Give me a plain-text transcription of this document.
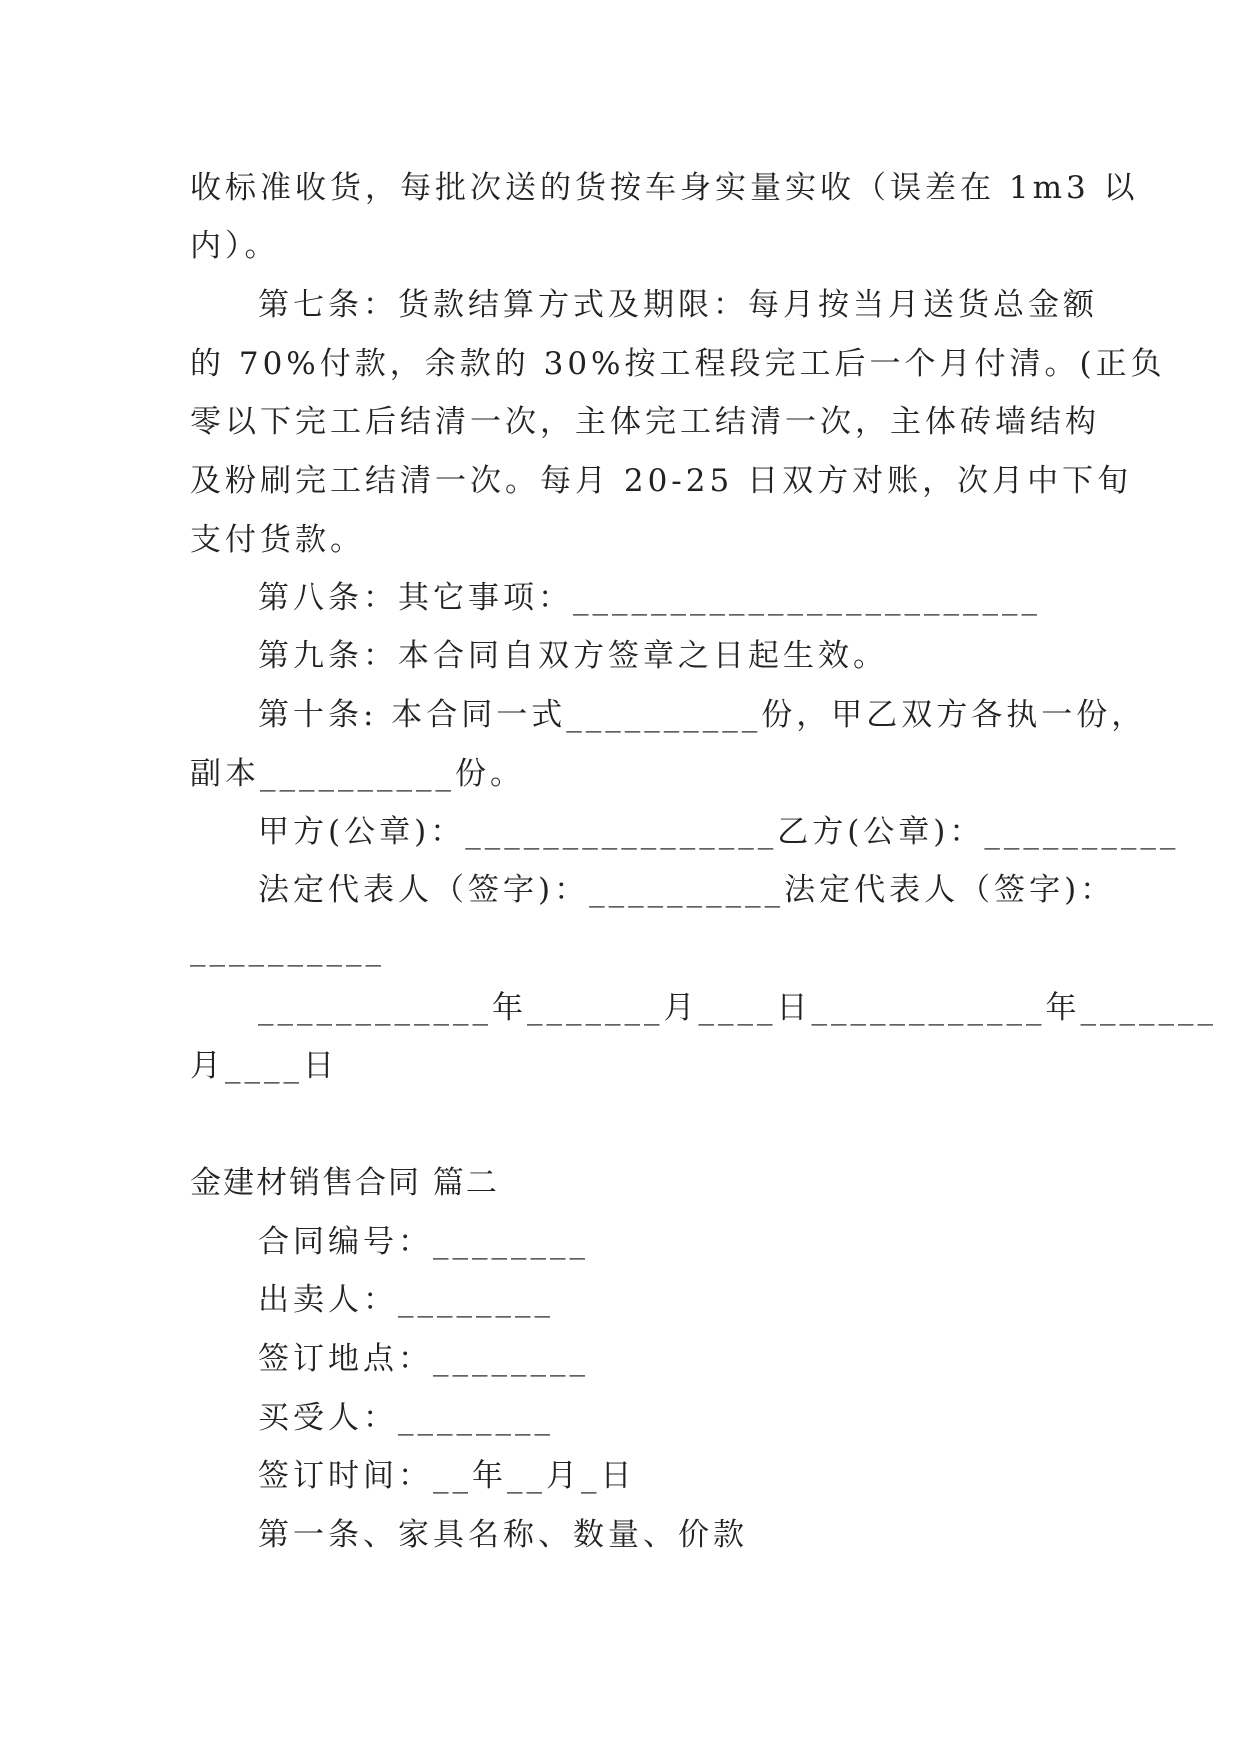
收标准收货，每批次送的货按车身实量实收（误差在 1m3 以
内）。
第七条：货款结算方式及期限：每月按当月送货总金额
的 70%付款，余款的 30%按工程段完工后一个月付清。(正负
零以下完工后结清一次，主体完工结清一次，主体砖墙结构
及粉刷完工结清一次。每月 20-25 日双方对账，次月中下旬
支付货款。
第八条：其它事项：________________________
第九条：本合同自双方签章之日起生效。
第十条: 本合同一式__________份，甲乙双方各执一份，
副本__________份。
甲方(公章)：________________乙方(公章)：__________
法定代表人（签字)：__________法定代表人（签字)：
__________
____________年_______月____日____________年_______
月____日
金建材销售合同 篇二
合同编号：________
出卖人：________
签订地点：________
买受人：________
签订时间：__年__月_日
第一条、家具名称、数量、价款
